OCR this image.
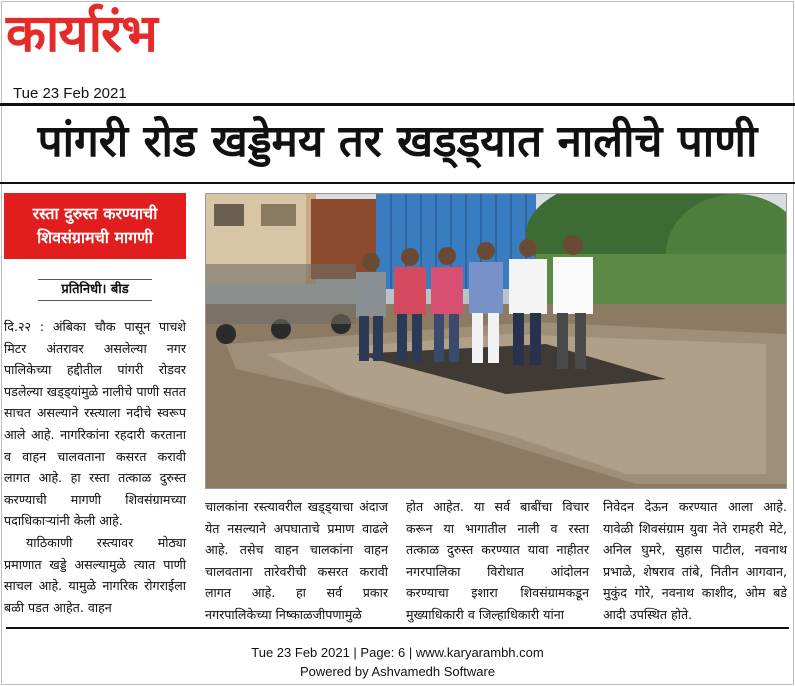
कार्यारंभ
Tue 23 Feb 2021
पांगरी रोड खड्डेमय तर खड्ड्यात नालीचे पाणी
रस्ता दुरुस्त करण्याची
शिवसंग्रामची मागणी
प्रतिनिधी। बीड

दि.२२ : अंबिका चौक पासून पाचशे मिटर अंतरावर असलेल्या नगर पालिकेच्या हद्दीतील पांगरी रोडवर पडलेल्या खड्ड्यांमुळे नालीचे पाणी सतत साचत असल्याने रस्त्याला नदीचे स्वरूप आले आहे. नागरिकांना रहदारी करताना व वाहन चालवताना कसरत करावी लागत आहे. हा रस्ता तत्काळ दुरुस्त करण्याची मागणी शिवसंग्रामच्या पदाधिकाऱ्यांनी केली आहे.

याठिकाणी रस्त्यावर मोठ्या प्रमाणात खड्डे असल्यामुळे त्यात पाणी साचल आहे. यामुळे नागरिक रोगराईला बळी पडत आहेत. वाहन

चालकांना रस्त्यावरील खड्ड्याचा अंदाज येत नसल्याने अपघाताचे प्रमाण वाढले आहे. तसेच वाहन चालकांना वाहन चालवताना तारेवरीची कसरत करावी लागत आहे. हा सर्व प्रकार नगरपालिकेच्या निष्काळजीपणामुळे
होत आहेत. या सर्व बाबींचा विचार करून या भागातील नाली व रस्ता तत्काळ दुरुस्त करण्यात यावा नाहीतर नगरपालिका विरोधात आंदोलन करण्याचा इशारा शिवसंग्रामकडून मुख्याधिकारी व जिल्हाधिकारी यांना
निवेदन देऊन करण्यात आला आहे. यावेळी शिवसंग्राम युवा नेते रामहरी मेटे, अनिल घुमरे, सुहास पाटील, नवनाथ प्रभाळे, शेषराव तांबे, नितीन आगवान, मुकुंद गोरे, नवनाथ काशीद, ओम बडे आदी उपस्थित होते.
Tue 23 Feb 2021 | Page: 6 | www.karyarambh.com
Powered by Ashvamedh Software
